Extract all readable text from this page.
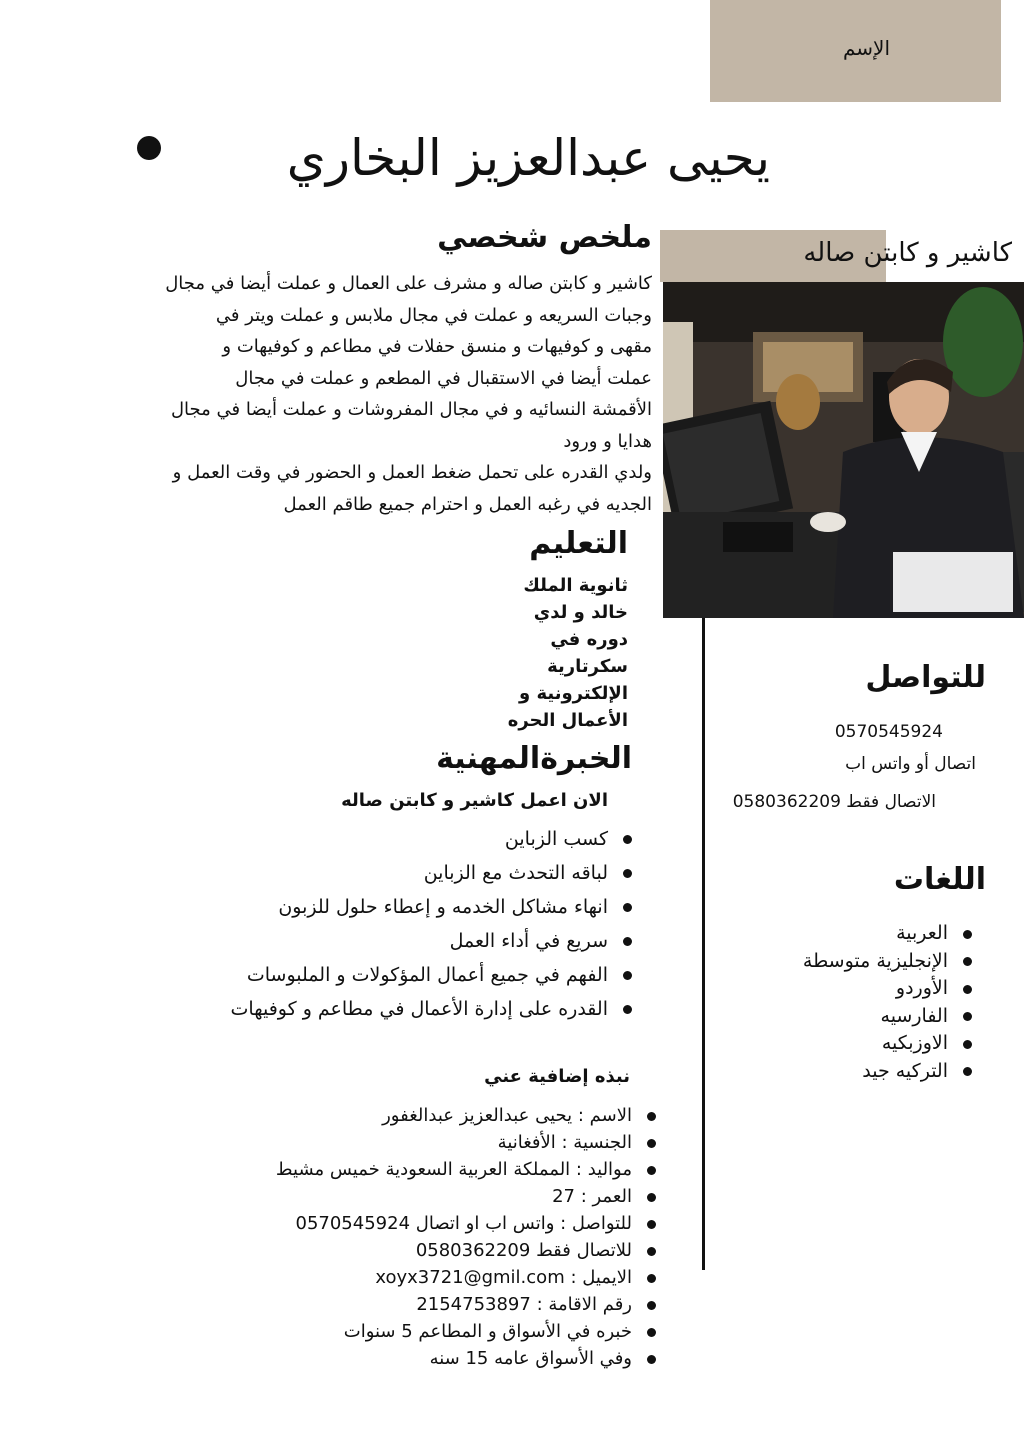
الإسم
يحيى عبدالعزيز البخاري
كاشير و كابتن صاله
ملخص شخصي
كاشير و كابتن صاله و مشرف على العمال و عملت أيضا في مجال
وجبات السريعه و عملت في مجال ملابس و عملت ويتر في
مقهى و كوفيهات و منسق حفلات في مطاعم و كوفيهات و
عملت أيضا في الاستقبال في المطعم و عملت في مجال
الأقمشة النسائيه و في مجال المفروشات و عملت أيضا في مجال
هدايا و ورود
ولدي القدره على تحمل ضغط العمل و الحضور في وقت العمل و
الجديه في رغبه العمل و احترام جميع طاقم العمل
التعليم
ثانوية الملك
خالد و لدي
دوره في
سكرتارية
الإلكترونية و
الأعمال الحره
الخبرةالمهنية
الان اعمل كاشير و كابتن صاله
كسب الزباين
لباقه التحدث مع الزباين
انهاء مشاكل الخدمه و إعطاء حلول للزبون
سريع في أداء العمل
الفهم في جميع أعمال المؤكولات و الملبوسات
القدره على إدارة الأعمال في مطاعم و كوفيهات
نبذه إضافية عني
الاسم : يحيى عبدالعزيز عبدالغفور
الجنسية : الأفغانية
مواليد : المملكة العربية السعودية خميس مشيط
العمر : 27
للتواصل : واتس اب او اتصال 0570545924
للاتصال فقط 0580362209
الايميل : xoyx3721@gmil.com
رقم الاقامة : 2154753897
خبره في الأسواق و المطاعم 5 سنوات
وفي الأسواق عامه 15 سنه
للتواصل
0570545924
اتصال أو واتس اب
الاتصال فقط 0580362209
اللغات
العربية
الإنجليزية متوسطة
الأوردو
الفارسيه
الاوزبكيه
التركيه جيد
